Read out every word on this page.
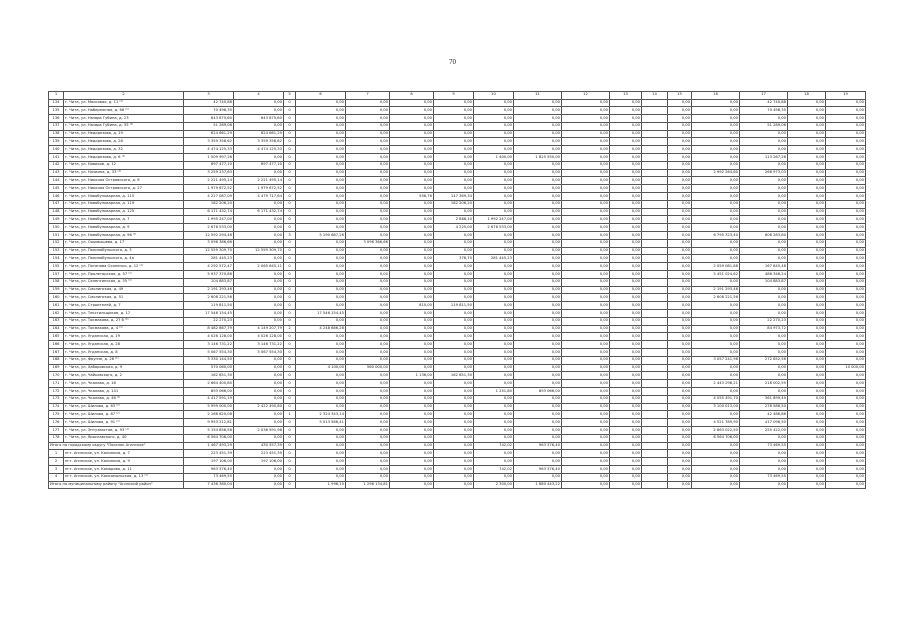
70
1	2	3	4	5	6	7	8	9	10	11	12	13	14	15	16	17	18	19
134	г. Чита, ул. Московая, д. 11 ⁽²⁾	42 740,88	0,00	0	0,00	0,00	0,00	0,00	0,00	0,00	0,00	0,00		0,00	0,00	42 740,88	0,00	0,00
135	г. Чита, ул. Набережная, д. 66 ⁽¹⁾	70 498,35	0,00	0	0,00	0,00	0,00	0,00	0,00	0,00	0,00	0,00		0,00	0,00	70 498,35	0,00	0,00
136	г. Чита, ул. Назара Губина, д. 23	643 875,60	643 875,60	0	0,00	0,00	0,00	0,00	0,00	0,00	0,00	0,00		0,00	0,00	0,00	0,00	0,00
137	г. Чита, ул. Назара Губина, д. 35 ⁽²⁾	51 289,06	0,00	0	0,00	0,00	0,00	0,00	0,00	0,00	0,00	0,00		0,00	0,00	51 289,06	0,00	0,00
138	г. Чита, ул. Недорезова, д. 19	624 661,29	624 661,29	0	0,00	0,00	0,00	0,00	0,00	0,00	0,00	0,00		0,00	0,00	0,00	0,00	0,00
139	г. Чита, ул. Недорезова, д. 28	3 359 358,62	3 359 358,62	0	0,00	0,00	0,00	0,00	0,00	0,00	0,00	0,00		0,00	0,00	0,00	0,00	0,00
140	г. Чита, ул. Недорезова, д. 32	4 474 125,33	4 474 125,33	0	0,00	0,00	0,00	0,00	0,00	0,00	0,00	0,00		0,00	0,00	0,00	0,00	0,00
141	г. Чита, ул. Недорезова, д. 6 ⁽¹⁾	1 509 997,26	0,00	0	0,00	0,00	0,00	0,00	1 400,00	1 825 550,00	0,00	0,00		0,00	0,00	113 267,26	0,00	0,00
142	г. Чита, ул. Новиков, д. 12	697 477,10	697 477,10	0	0,00	0,00	0,00	0,00	0,00	0,00	0,00	0,00		0,00	0,00	0,00	0,00	0,00
143	г. Чита, ул. Ночиина, д. 33 ⁽¹⁾	3 259 237,63	0,00	0	0,00	0,00	0,00	0,00	0,00	0,00	0,00	0,00		0,00	2 992 264,60	266 973,03	0,00	0,00
144	г. Чита, ул. Николая Островского, д. 6	2 221 495,14	2 221 495,14	0	0,00	0,00	0,00	0,00	0,00	0,00	0,00	0,00		0,00	0,00	0,00	0,00	0,00
145	г. Чита, ул. Николая Островского, д. 27	1 979 672,52	1 979 672,52	0	0,00	0,00	0,00	0,00	0,00	0,00	0,00	0,00		0,00	0,00	0,00	0,00	0,00
146	г. Чита, ул. Новобульварная, д. 115	4 227 087,09	4 479 717,64	0	0,00	0,00	558,76	147 369,34	0,00	0,00	0,00	0,00		0,00	0,00	0,00	0,00	0,00
147	г. Чита, ул. Новобульварная, д. 119	182 206,20	0,00	0	0,00	0,00	0,00	182 206,20	0,00	0,00	0,00	0,00		0,00	0,00	0,00	0,00	0,00
148	г. Чита, ул. Новобульварная, д. 125	6 171 432,74	6 171 432,74	0	0,00	0,00	0,00	0,00	0,00	0,00	0,00	0,00		0,00	0,00	0,00	0,00	0,00
149	г. Чита, ул. Новобульварная, д. 7	1 995 247,00	0,00	0	0,00	0,00	0,00	2 868,10	1 992 247,00	0,00	0,00	0,00		0,00	0,00	0,00	0,00	0,00
150	г. Чита, ул. Новобульварная, д. 9	2 676 533,00	0,00	0	0,00	0,00	0,00	4 225,00	2 676 533,00	0,00	0,00	0,00		0,00	0,00	0,00	0,00	0,00
151	г. Чита, ул. Новобульварная, д. 96 ⁽¹⁾	12 592 294,46	0,00	3	5 190 687,26	0,00	0,00	0,00	0,00	0,00	0,00	0,00		0,00	6 795 323,40	606 283,80	0,00	0,00
152	г. Чита, ул. Ошимышева, д. 17	3 096 386,66	0,00	0	0,00	3 096 386,66	0,00	0,00	0,00	0,00	0,00	0,00		0,00	0,00	0,00	0,00	0,00
153	г. Чита, ул. Полинобульского, д. 3	12 559 309,70	12 559 309,70	0	0,00	0,00	0,00	0,00	0,00	0,00	0,00	0,00		0,00	0,00	0,00	0,00	0,00
154	г. Чита, ул. Полинобульского, д. 4а	281 445,23	0,00	0	0,00	0,00	0,00	378,70	281 445,23	0,00	0,00	0,00		0,00	0,00	0,00	0,00	0,00
155	г. Чита, ул. Потапова Осипенко, д. 12 ⁽²⁾	4 292 572,47	2 065 645,11	0	0,00	0,00	0,00	0,00	0,00	0,00	0,00	0,00		0,00	2 059 081,88	167 845,48	0,00	0,00
157	г. Чита, ул. Пролетарская, д. 57 ⁽²⁾	5 937 370,86	0,00	0	0,00	0,00	0,00	0,00	0,00	0,00	0,00	0,00		0,00	5 451 024,62	486 346,24	0,00	0,00
158	г. Чита, ул. Селенгинская, д. 35 ⁽¹⁾	104 883,87	0,00	0	0,00	0,00	0,00	0,00	0,00	0,00	0,00	0,00		0,00	0,00	104 883,87	0,00	0,00
159	г. Чита, ул. Смолинская, д. 49	2 191 293,46	0,00	0	0,00	0,00	0,00	0,00	0,00	0,00	0,00	0,00		0,00	2 191 293,46	0,00	0,00	0,00
160	г. Чита, ул. Смолинская, д. 51	2 608 221,56	0,00	0	0,00	0,00	0,00	0,00	0,00	0,00	0,00	0,00		0,00	2 608 221,56	0,00	0,00	0,00
161	г. Чита, ул. Строителей, д. 7	119 811,50	0,00	0	0,00	0,00	810,00	119 811,50	0,00	0,00	0,00	0,00		0,00	0,00	0,00	0,00	0,00
162	г. Чита, ул. Текстильщиков, д. 17	17 546 154,45	0,00	0	17 546 154,45	0,00	0,00	0,00	0,00	0,00	0,00	0,00		0,00	0,00	0,00	0,00	0,00
163	г. Чита, ул. Токмакова, д. 27 б ⁽²⁾	22 270,23	0,00	0	0,00	0,00	0,00	0,00	0,00	0,00	0,00	0,00		0,00	0,00	22 270,23	0,00	0,00
164	г. Чита, ул. Токмакова, д. 4 ⁽¹⁾	8 482 867,79	4 149 207,79	2	4 248 686,28	0,00	0,00	0,00	0,00	0,00	0,00	0,00		0,00	0,00	84 973,72	0,00	0,00
165	г. Чита, ул. Угданская, д. 19	4 026 128,00	4 026 128,00	0	0,00	0,00	0,00	0,00	0,00	0,00	0,00	0,00		0,00	0,00	0,00	0,00	0,00
166	г. Чита, ул. Угданская, д. 28	3 146 731,22	3 146 731,22	0	0,00	0,00	0,00	0,00	0,00	0,00	0,00	0,00		0,00	0,00	0,00	0,00	0,00
167	г. Чита, ул. Угданская, д. 8	5 067 554,30	5 067 554,30	0	0,00	0,00	0,00	0,00	0,00	0,00	0,00	0,00		0,00	0,00	0,00	0,00	0,00
168	г. Чита, ул. Фрунзе, д. 26 ⁽¹⁾	3 330 144,50	0,00	0	0,00	0,00	0,00	0,00	0,00	0,00	0,00	0,00		0,00	3 057 241,98	272 852,56	0,00	0,00
169	г. Чита, ул. Хабаровская, д. 9	570 060,00	0,00	0	4 100,00	560 000,00	0,00	0,00	0,00	0,00	0,00	0,00		0,00	0,00	0,00	0,00	10 000,00
170	г. Чита, ул. Чайковского, д. 2	162 851,30	0,00	0	0,00	0,00	1 136,00	162 851,30	0,00	0,00	0,00	0,00		0,00	0,00	0,00	0,00	0,00
171	г. Чита, ул. Чкалова, д. 18	2 664 400,80	0,00	0	0,00	0,00	0,00	0,00	0,00	0,00	0,00	0,00		0,00	2 443 298,21	218 002,59	0,00	0,00
172	г. Чита, ул. Чкалова, д. 141	893 066,00	0,00	0	0,00	0,00	0,00	0,00	1 251,80	893 066,00	0,00	0,00		0,00	0,00	0,00	0,00	0,00
173	г. Чита, ул. Чкалова, д. 46 ⁽¹⁾	4 417 591,19	0,00	0	0,00	0,00	0,00	0,00	0,00	0,00	0,00	0,00		0,00	4 055 491,70	361 899,49	0,00	0,00
174	г. Чита, ул. Шилова, д. 63 ⁽¹⁾	5 999 000,00	2 422 490,80	0	0,00	0,00	0,00	0,00	0,00	0,00	0,00	0,00		0,00	3 100 013,00	276 586,50	0,00	0,00
175	г. Чита, ул. Шилова, д. 87 ⁽²⁾	2 166 820,08	0,00	1	2 324 343,14	0,00	0,00	0,00	0,00	0,00	0,00	0,00		0,00	0,00	42 486,86	0,00	0,00
176	г. Чита, ул. Шилова, д. 91 ⁽¹⁾	9 953 212,81	0,00	0	5 013 566,41	0,00	0,00	0,00	0,00	0,00	0,00	0,00		0,00	4 521 789,90	417 096,50	0,00	0,00
177	г. Чита, ул. Энтузиастов, д. 93 ⁽¹⁾	5 154 856,58	2 036 591,98	0	0,00	0,00	0,00	0,00	0,00	0,00	0,00	0,00		0,00	2 863 022,50	255 422,00	0,00	0,00
178	г. Чита, ул. Ярославского, д. 40	6 564 706,00	0,00	0	0,00	0,00	0,00	0,00	0,00	0,00	0,00	0,00		0,00	6 564 706,00	0,00	0,00	0,00
Итого по городскому округу "Поселок Агинское"		1 467 493,29	430 557,39	0	0,00	0,00	0,00	0,00	742,02	963 376,40	0,00	0,00		0,00	0,00	73 469,55	0,00	0,00
1	пгт. Агинское, ул. Калинина, д. 7	223 451,39	223 451,39	0	0,00	0,00	0,00	0,00	0,00	0,00	0,00	0,00		0,00	0,00	0,00	0,00	0,00
2	пгт. Агинское, ул. Калинина, д. 9	197 106,00	197 106,00	0	0,00	0,00	0,00	0,00	0,00	0,00	0,00	0,00		0,00	0,00	0,00	0,00	0,00
3	пгт. Агинское, ул. Комарова, д. 11	963 376,40	0,00	0	0,00	0,00	0,00	0,00	742,02	963 376,40	0,00	0,00		0,00	0,00	0,00	0,00	0,00
4	пгт. Агинское, ул. Комсомольская, д. 13 ⁽¹⁾	73 469,55	0,00	0	0,00	0,00	0,00	0,00	0,00	0,00	0,00	0,00		0,00	0,00	73 469,55	0,00	0,00
Итого по муниципальному району "Агинский район"		7 436 380,04	0,00	0	1 996,10	1 296 134,81	0,00	0,00	2 300,00	1 880 443,22	0,00	0,00		0,00	0,00	0,00	0,00	0,00
